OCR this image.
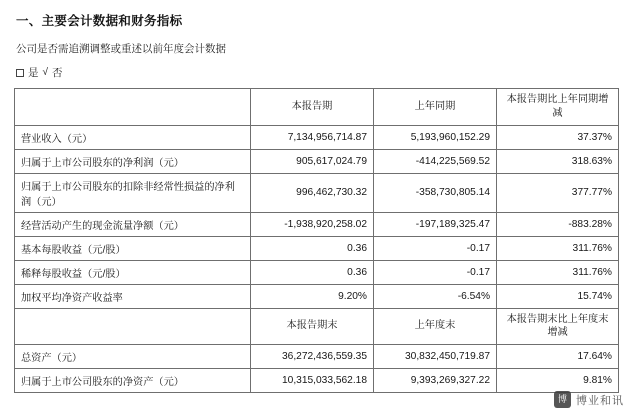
一、主要会计数据和财务指标
公司是否需追溯调整或重述以前年度会计数据
是 √ 否
	本报告期	上年同期	本报告期比上年同期增减
营业收入（元）	7,134,956,714.87	5,193,960,152.29	37.37%
归属于上市公司股东的净利润（元）	905,617,024.79	-414,225,569.52	318.63%
归属于上市公司股东的扣除非经常性损益的净利润（元）	996,462,730.32	-358,730,805.14	377.77%
经营活动产生的现金流量净额（元）	-1,938,920,258.02	-197,189,325.47	-883.28%
基本每股收益（元/股）	0.36	-0.17	311.76%
稀释每股收益（元/股）	0.36	-0.17	311.76%
加权平均净资产收益率	9.20%	-6.54%	15.74%
	本报告期末	上年度末	本报告期末比上年度末增减
总资产（元）	36,272,436,559.35	30,832,450,719.87	17.64%
归属于上市公司股东的净资产（元）	10,315,033,562.18	9,393,269,327.22	9.81%
博 博业和讯
